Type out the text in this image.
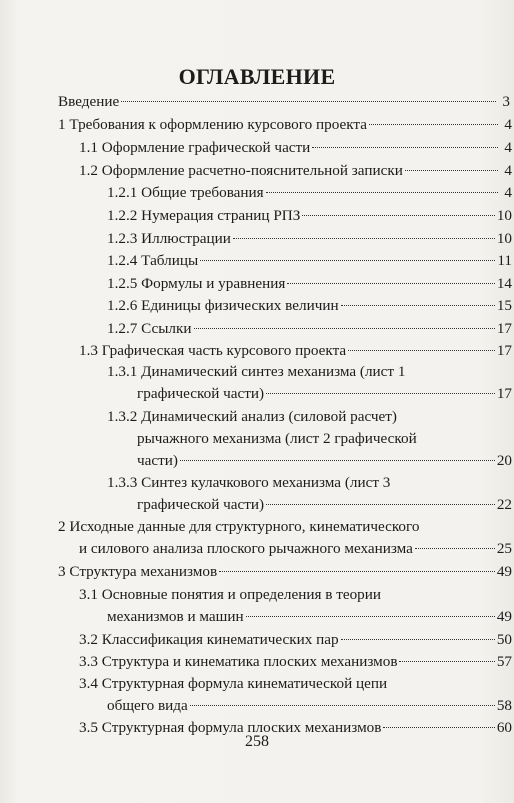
ОГЛАВЛЕНИЕ
Введение	3
1 Требования к оформлению курсового проекта	4
1.1 Оформление графической части	4
1.2 Оформление расчетно-пояснительной записки	4
1.2.1 Общие требования	4
1.2.2 Нумерация страниц РПЗ	10
1.2.3 Иллюстрации	10
1.2.4 Таблицы	11
1.2.5 Формулы и уравнения	14
1.2.6 Единицы физических величин	15
1.2.7 Ссылки	17
1.3 Графическая часть курсового проекта	17
1.3.1 Динамический синтез механизма (лист 1
графической части)	17
1.3.2 Динамический анализ (силовой расчет)
рычажного механизма (лист 2 графической
части)	20
1.3.3 Синтез кулачкового механизма (лист 3
графической части)	22
2 Исходные данные для структурного, кинематического
и силового анализа плоского рычажного механизма	25
3 Структура механизмов	49
3.1 Основные понятия и определения в теории
механизмов и машин	49
3.2 Классификация кинематических пар	50
3.3 Структура и кинематика плоских механизмов	57
3.4 Структурная формула кинематической цепи
общего вида	58
3.5 Структурная формула плоских механизмов	60
258
